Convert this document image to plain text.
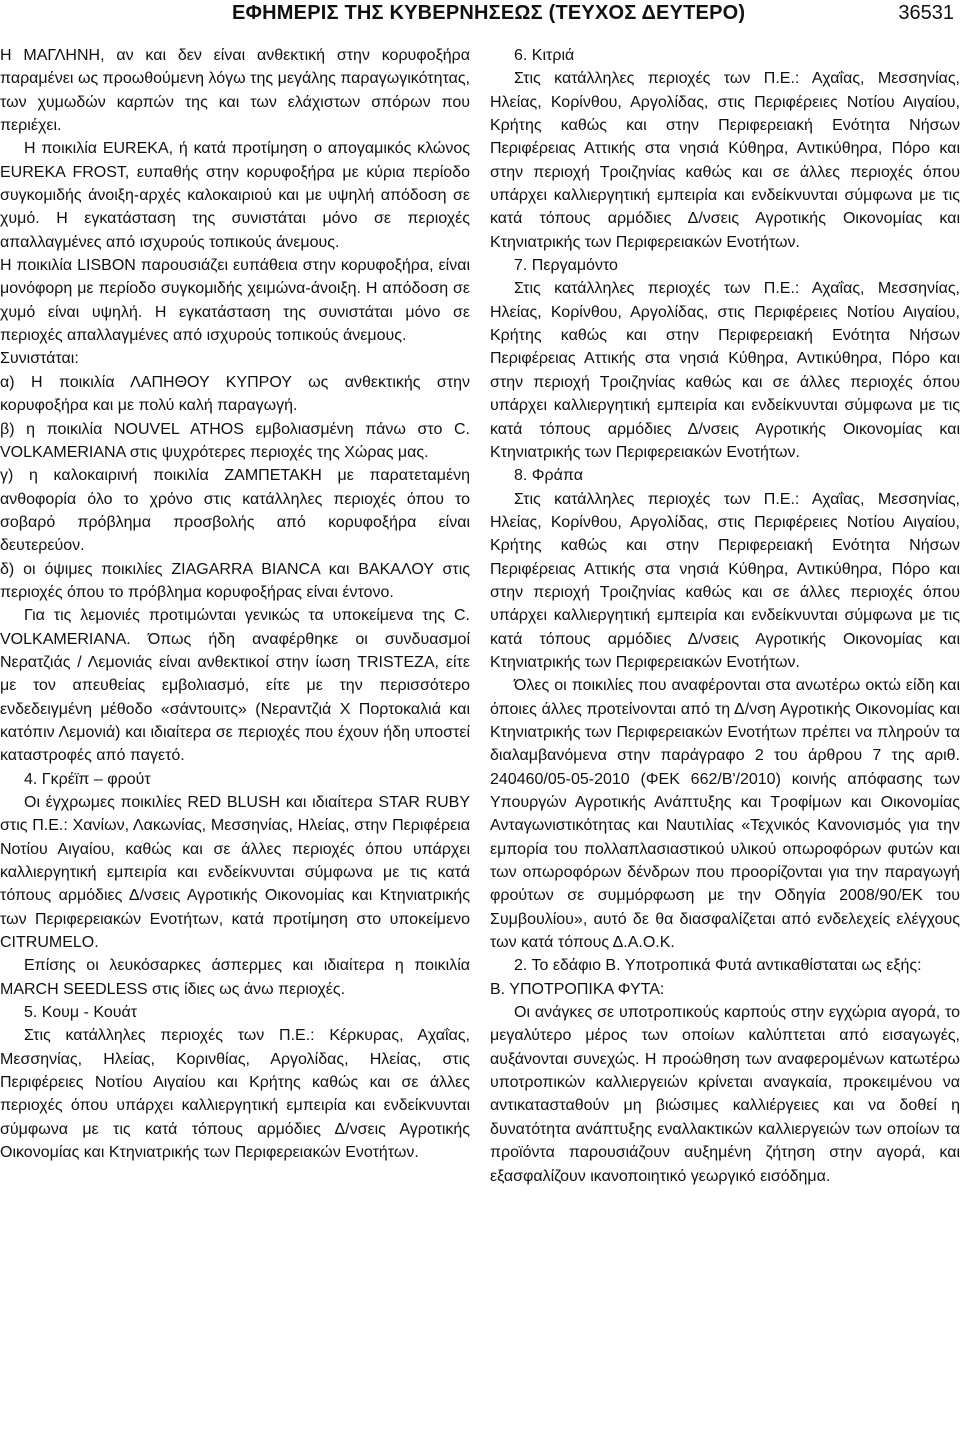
ΕΦΗΜΕΡΙΣ ΤΗΣ ΚΥΒΕΡΝΗΣΕΩΣ (ΤΕΥΧΟΣ ΔΕΥΤΕΡΟ)	36531

Η ΜΑΓΛΗΝΗ, αν και δεν είναι ανθεκτική στην κορυφοξήρα παραμένει ως προωθούμενη λόγω της μεγάλης παραγωγικότητας, των χυμωδών καρπών της και των ελάχιστων σπόρων που περιέχει.

Η ποικιλία EUREKA, ή κατά προτίμηση ο απογαμικός κλώνος EUREKA FROST, ευπαθής στην κορυφοξήρα με κύρια περίοδο συγκομιδής άνοιξη-αρχές καλοκαιριού και με υψηλή απόδοση σε χυμό. Η εγκατάσταση της συνιστάται μόνο σε περιοχές απαλλαγμένες από ισχυρούς τοπικούς άνεμους.

Η ποικιλία LISBON παρουσιάζει ευπάθεια στην κορυφοξήρα, είναι μονόφορη με περίοδο συγκομιδής χειμώνα-άνοιξη. Η απόδοση σε χυμό είναι υψηλή. Η εγκατάσταση της συνιστάται μόνο σε περιοχές απαλλαγμένες από ισχυρούς τοπικούς άνεμους.

Συνιστάται:

α) Η ποικιλία ΛΑΠΗΘΟΥ ΚΥΠΡΟΥ ως ανθεκτικής στην κορυφοξήρα και με πολύ καλή παραγωγή.

β) η ποικιλία NOUVEL ATHOS εμβολιασμένη πάνω στο C. VOLKAMERIANA στις ψυχρότερες περιοχές της Χώρας μας.

γ) η καλοκαιρινή ποικιλία ΖΑΜΠΕΤΑΚΗ με παρατεταμένη ανθοφορία όλο το χρόνο στις κατάλληλες περιοχές όπου το σοβαρό πρόβλημα προσβολής από κορυφοξήρα είναι δευτερεύον.

δ) οι όψιμες ποικιλίες ZIAGARRA BIANCA και ΒΑΚΑΛΟΥ στις περιοχές όπου το πρόβλημα κορυφοξήρας είναι έντονο.

Για τις λεμονιές προτιμώνται γενικώς τα υποκείμενα της C. VOLKAMERIANA. Όπως ήδη αναφέρθηκε οι συνδυασμοί Νερατζιάς / Λεμονιάς είναι ανθεκτικοί στην ίωση TRISTEZA, είτε με τον απευθείας εμβολιασμό, είτε με την περισσότερο ενδεδειγμένη μέθοδο «σάντουιτς» (Νεραντζιά Χ Πορτοκαλιά και κατόπιν Λεμονιά) και ιδιαίτερα σε περιοχές που έχουν ήδη υποστεί καταστροφές από παγετό.

4. Γκρέϊπ – φρούτ

Οι έγχρωμες ποικιλίες RED BLUSH και ιδιαίτερα STAR RUBY στις Π.Ε.: Χανίων, Λακωνίας, Μεσσηνίας, Ηλείας, στην Περιφέρεια Νοτίου Αιγαίου, καθώς και σε άλλες περιοχές όπου υπάρχει καλλιεργητική εμπειρία και ενδείκνυνται σύμφωνα με τις κατά τόπους αρμόδιες Δ/νσεις Αγροτικής Οικονομίας και Κτηνιατρικής των Περιφερειακών Ενοτήτων, κατά προτίμηση στο υποκείμενο CITRUMELO.

Επίσης οι λευκόσαρκες άσπερμες και ιδιαίτερα η ποικιλία MARCH SEEDLESS στις ίδιες ως άνω περιοχές.

5. Κουμ - Κουάτ

Στις κατάλληλες περιοχές των Π.Ε.: Κέρκυρας, Αχαΐας, Μεσσηνίας, Ηλείας, Κορινθίας, Αργολίδας, Ηλείας, στις Περιφέρειες Νοτίου Αιγαίου και Κρήτης καθώς και σε άλλες περιοχές όπου υπάρχει καλλιεργητική εμπειρία και ενδείκνυνται σύμφωνα με τις κατά τόπους αρμόδιες Δ/νσεις Αγροτικής Οικονομίας και Κτηνιατρικής των Περιφερειακών Ενοτήτων.

6. Κιτριά

Στις κατάλληλες περιοχές των Π.Ε.: Αχαΐας, Μεσσηνίας, Ηλείας, Κορίνθου, Αργολίδας, στις Περιφέρειες Νοτίου Αιγαίου, Κρήτης καθώς και στην Περιφερειακή Ενότητα Νήσων Περιφέρειας Αττικής στα νησιά Κύθηρα, Αντικύθηρα, Πόρο και στην περιοχή Τροιζηνίας καθώς και σε άλλες περιοχές όπου υπάρχει καλλιεργητική εμπειρία και ενδείκνυνται σύμφωνα με τις κατά τόπους αρμόδιες Δ/νσεις Αγροτικής Οικονομίας και Κτηνιατρικής των Περιφερειακών Ενοτήτων.

7. Περγαμόντο

Στις κατάλληλες περιοχές των Π.Ε.: Αχαΐας, Μεσσηνίας, Ηλείας, Κορίνθου, Αργολίδας, στις Περιφέρειες Νοτίου Αιγαίου, Κρήτης καθώς και στην Περιφερειακή Ενότητα Νήσων Περιφέρειας Αττικής στα νησιά Κύθηρα, Αντικύθηρα, Πόρο και στην περιοχή Τροιζηνίας καθώς και σε άλλες περιοχές όπου υπάρχει καλλιεργητική εμπειρία και ενδείκνυνται σύμφωνα με τις κατά τόπους αρμόδιες Δ/νσεις Αγροτικής Οικονομίας και Κτηνιατρικής των Περιφερειακών Ενοτήτων.

8. Φράπα

Στις κατάλληλες περιοχές των Π.Ε.: Αχαΐας, Μεσσηνίας, Ηλείας, Κορίνθου, Αργολίδας, στις Περιφέρειες Νοτίου Αιγαίου, Κρήτης καθώς και στην Περιφερειακή Ενότητα Νήσων Περιφέρειας Αττικής στα νησιά Κύθηρα, Αντικύθηρα, Πόρο και στην περιοχή Τροιζηνίας καθώς και σε άλλες περιοχές όπου υπάρχει καλλιεργητική εμπειρία και ενδείκνυνται σύμφωνα με τις κατά τόπους αρμόδιες Δ/νσεις Αγροτικής Οικονομίας και Κτηνιατρικής των Περιφερειακών Ενοτήτων.

Όλες οι ποικιλίες που αναφέρονται στα ανωτέρω οκτώ είδη και όποιες άλλες προτείνονται από τη Δ/νση Αγροτικής Οικονομίας και Κτηνιατρικής των Περιφερειακών Ενοτήτων πρέπει να πληρούν τα διαλαμβανόμενα στην παράγραφο 2 του άρθρου 7 της αριθ. 240460/05-05-2010 (ΦΕΚ 662/Β'/2010) κοινής απόφασης των Υπουργών Αγροτικής Ανάπτυξης και Τροφίμων και Οικονομίας Ανταγωνιστικότητας και Ναυτιλίας «Τεχνικός Κανονισμός για την εμπορία του πολλαπλασιαστικού υλικού οπωροφόρων φυτών και των οπωροφόρων δένδρων που προορίζονται για την παραγωγή φρούτων σε συμμόρφωση με την Οδηγία 2008/90/ΕΚ του Συμβουλίου», αυτό δε θα διασφαλίζεται από ενδελεχείς ελέγχους των κατά τόπους Δ.Α.Ο.Κ.

2. Το εδάφιο Β. Υποτροπικά Φυτά αντικαθίσταται ως εξής:

Β. ΥΠΟΤΡΟΠΙΚΑ ΦΥΤΑ:

Οι ανάγκες σε υποτροπικούς καρπούς στην εγχώρια αγορά, το μεγαλύτερο μέρος των οποίων καλύπτεται από εισαγωγές, αυξάνονται συνεχώς. Η προώθηση των αναφερομένων κατωτέρω υποτροπικών καλλιεργειών κρίνεται αναγκαία, προκειμένου να αντικατασταθούν μη βιώσιμες καλλιέργειες και να δοθεί η δυνατότητα ανάπτυξης εναλλακτικών καλλιεργειών των οποίων τα προϊόντα παρουσιάζουν αυξημένη ζήτηση στην αγορά, και εξασφαλίζουν ικανοποιητικό γεωργικό εισόδημα.
